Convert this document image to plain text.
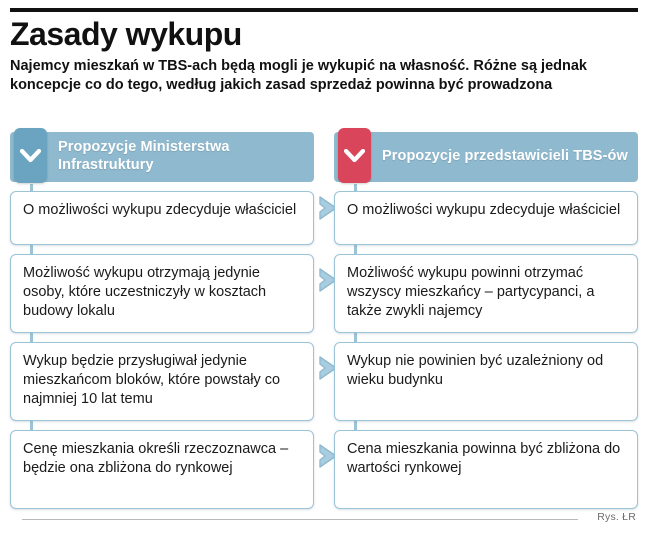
Zasady wykupu

Najemcy mieszkań w TBS-ach będą mogli je wykupić na własność. Różne są jednak koncepcje co do tego, według jakich zasad sprzedaż powinna być prowadzona

Propozycje Ministerstwa Infrastruktury
O możliwości wykupu zdecyduje właściciel
Możliwość wykupu otrzymają jedynie osoby, które uczestniczyły w kosztach budowy lokalu
Wykup będzie przysługiwał jedynie mieszkańcom bloków, które powstały co najmniej 10 lat temu
Cenę mieszkania określi rzeczoznawca – będzie ona zbliżona do rynkowej
Propozycje przedstawicieli TBS-ów
O możliwości wykupu zdecyduje właściciel
Możliwość wykupu powinni otrzymać wszyscy mieszkańcy – partycypanci, a także zwykli najemcy
Wykup nie powinien być uzależniony od wieku budynku
Cena mieszkania powinna być zbliżona do wartości rynkowej
Rys. ŁR
